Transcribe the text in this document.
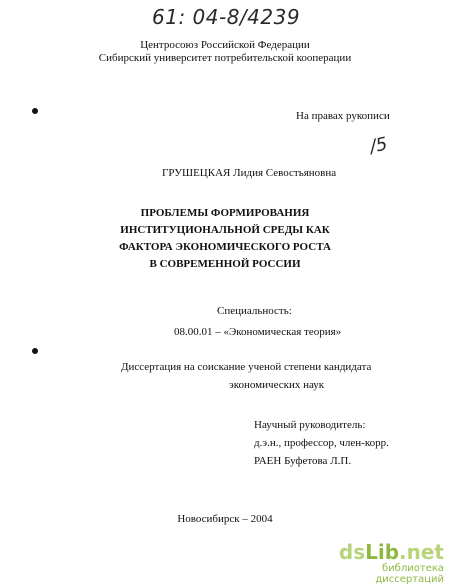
61: 04-8/4239
Центросоюз Российской Федерации
Сибирский университет потребительской кооперации
На правах рукописи
/5
ГРУШЕЦКАЯ Лидия Севостьяновна
ПРОБЛЕМЫ ФОРМИРОВАНИЯ
ИНСТИТУЦИОНАЛЬНОЙ СРЕДЫ КАК
ФАКТОРА ЭКОНОМИЧЕСКОГО РОСТА
В СОВРЕМЕННОЙ РОССИИ
Специальность:
08.00.01 – «Экономическая теория»
Диссертация на соискание ученой степени кандидата
экономических наук
Научный руководитель:
д.э.н., профессор, член-корр.
РАЕН Буфетова Л.П.
Новосибирск – 2004
dsLib.net
библиотека диссертаций
